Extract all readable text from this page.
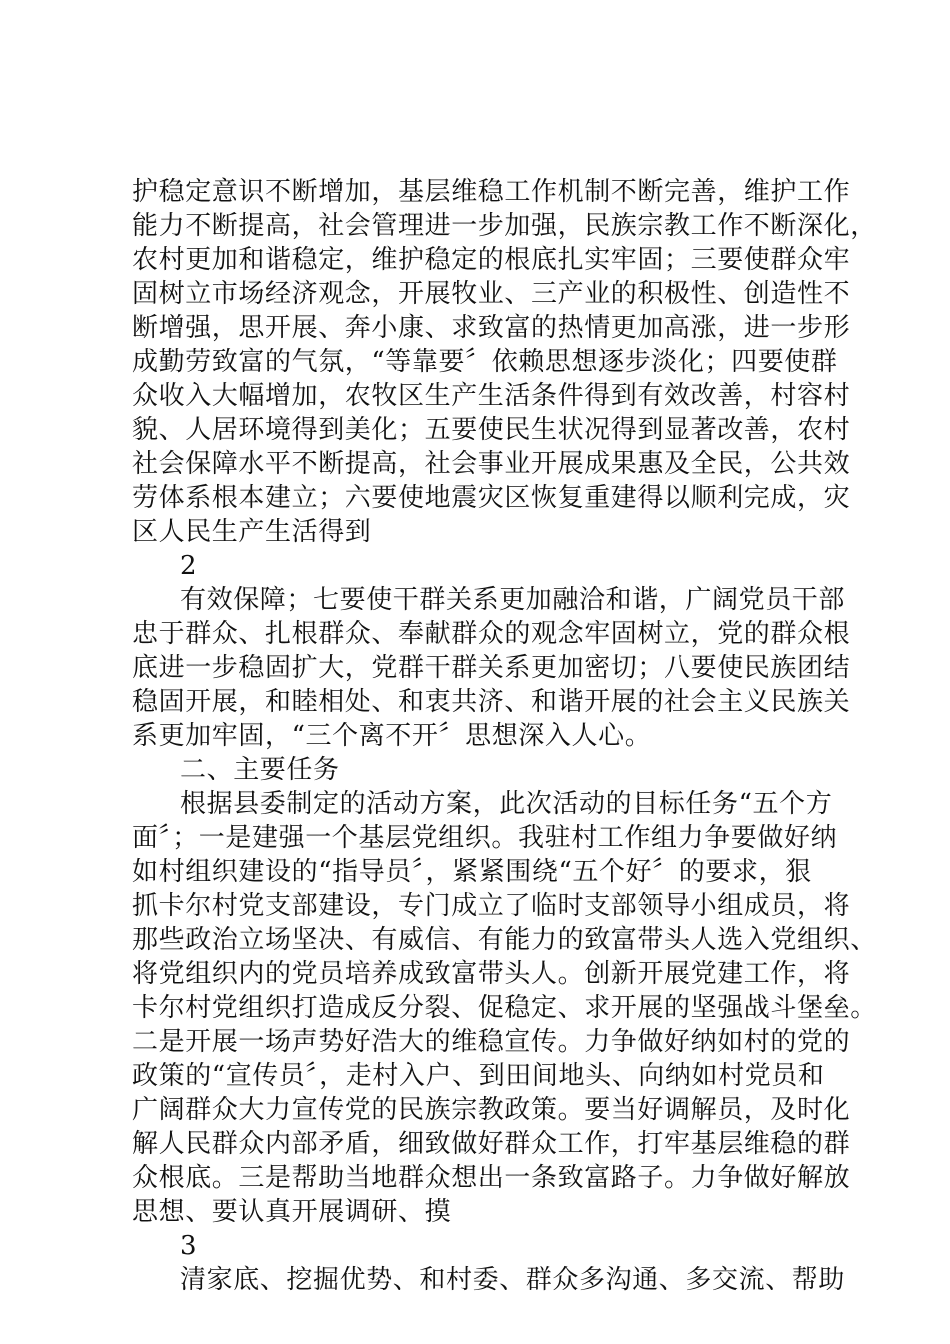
护稳定意识不断增加，基层维稳工作机制不断完善，维护工作
能力不断提高，社会管理进一步加强，民族宗教工作不断深化，
农村更加和谐稳定，维护稳定的根底扎实牢固；三要使群众牢
固树立市场经济观念，开展牧业、三产业的积极性、创造性不
断增强，思开展、奔小康、求致富的热情更加高涨，进一步形
成勤劳致富的气氛，“等靠要〞依赖思想逐步淡化；四要使群
众收入大幅增加，农牧区生产生活条件得到有效改善，村容村
貌、人居环境得到美化；五要使民生状况得到显著改善，农村
社会保障水平不断提高，社会事业开展成果惠及全民，公共效
劳体系根本建立；六要使地震灾区恢复重建得以顺利完成，灾
区人民生产生活得到
2
有效保障；七要使干群关系更加融洽和谐，广阔党员干部
忠于群众、扎根群众、奉献群众的观念牢固树立，党的群众根
底进一步稳固扩大，党群干群关系更加密切；八要使民族团结
稳固开展，和睦相处、和衷共济、和谐开展的社会主义民族关
系更加牢固，“三个离不开〞思想深入人心。
二、主要任务
根据县委制定的活动方案，此次活动的目标任务“五个方
面〞；一是建强一个基层党组织。我驻村工作组力争要做好纳
如村组织建设的“指导员〞，紧紧围绕“五个好〞的要求，狠
抓卡尔村党支部建设，专门成立了临时支部领导小组成员，将
那些政治立场坚决、有威信、有能力的致富带头人选入党组织、
将党组织内的党员培养成致富带头人。创新开展党建工作，将
卡尔村党组织打造成反分裂、促稳定、求开展的坚强战斗堡垒。
二是开展一场声势好浩大的维稳宣传。力争做好纳如村的党的
政策的“宣传员〞，走村入户、到田间地头、向纳如村党员和
广阔群众大力宣传党的民族宗教政策。要当好调解员，及时化
解人民群众内部矛盾，细致做好群众工作，打牢基层维稳的群
众根底。三是帮助当地群众想出一条致富路子。力争做好解放
思想、要认真开展调研、摸
3
清家底、挖掘优势、和村委、群众多沟通、多交流、帮助
